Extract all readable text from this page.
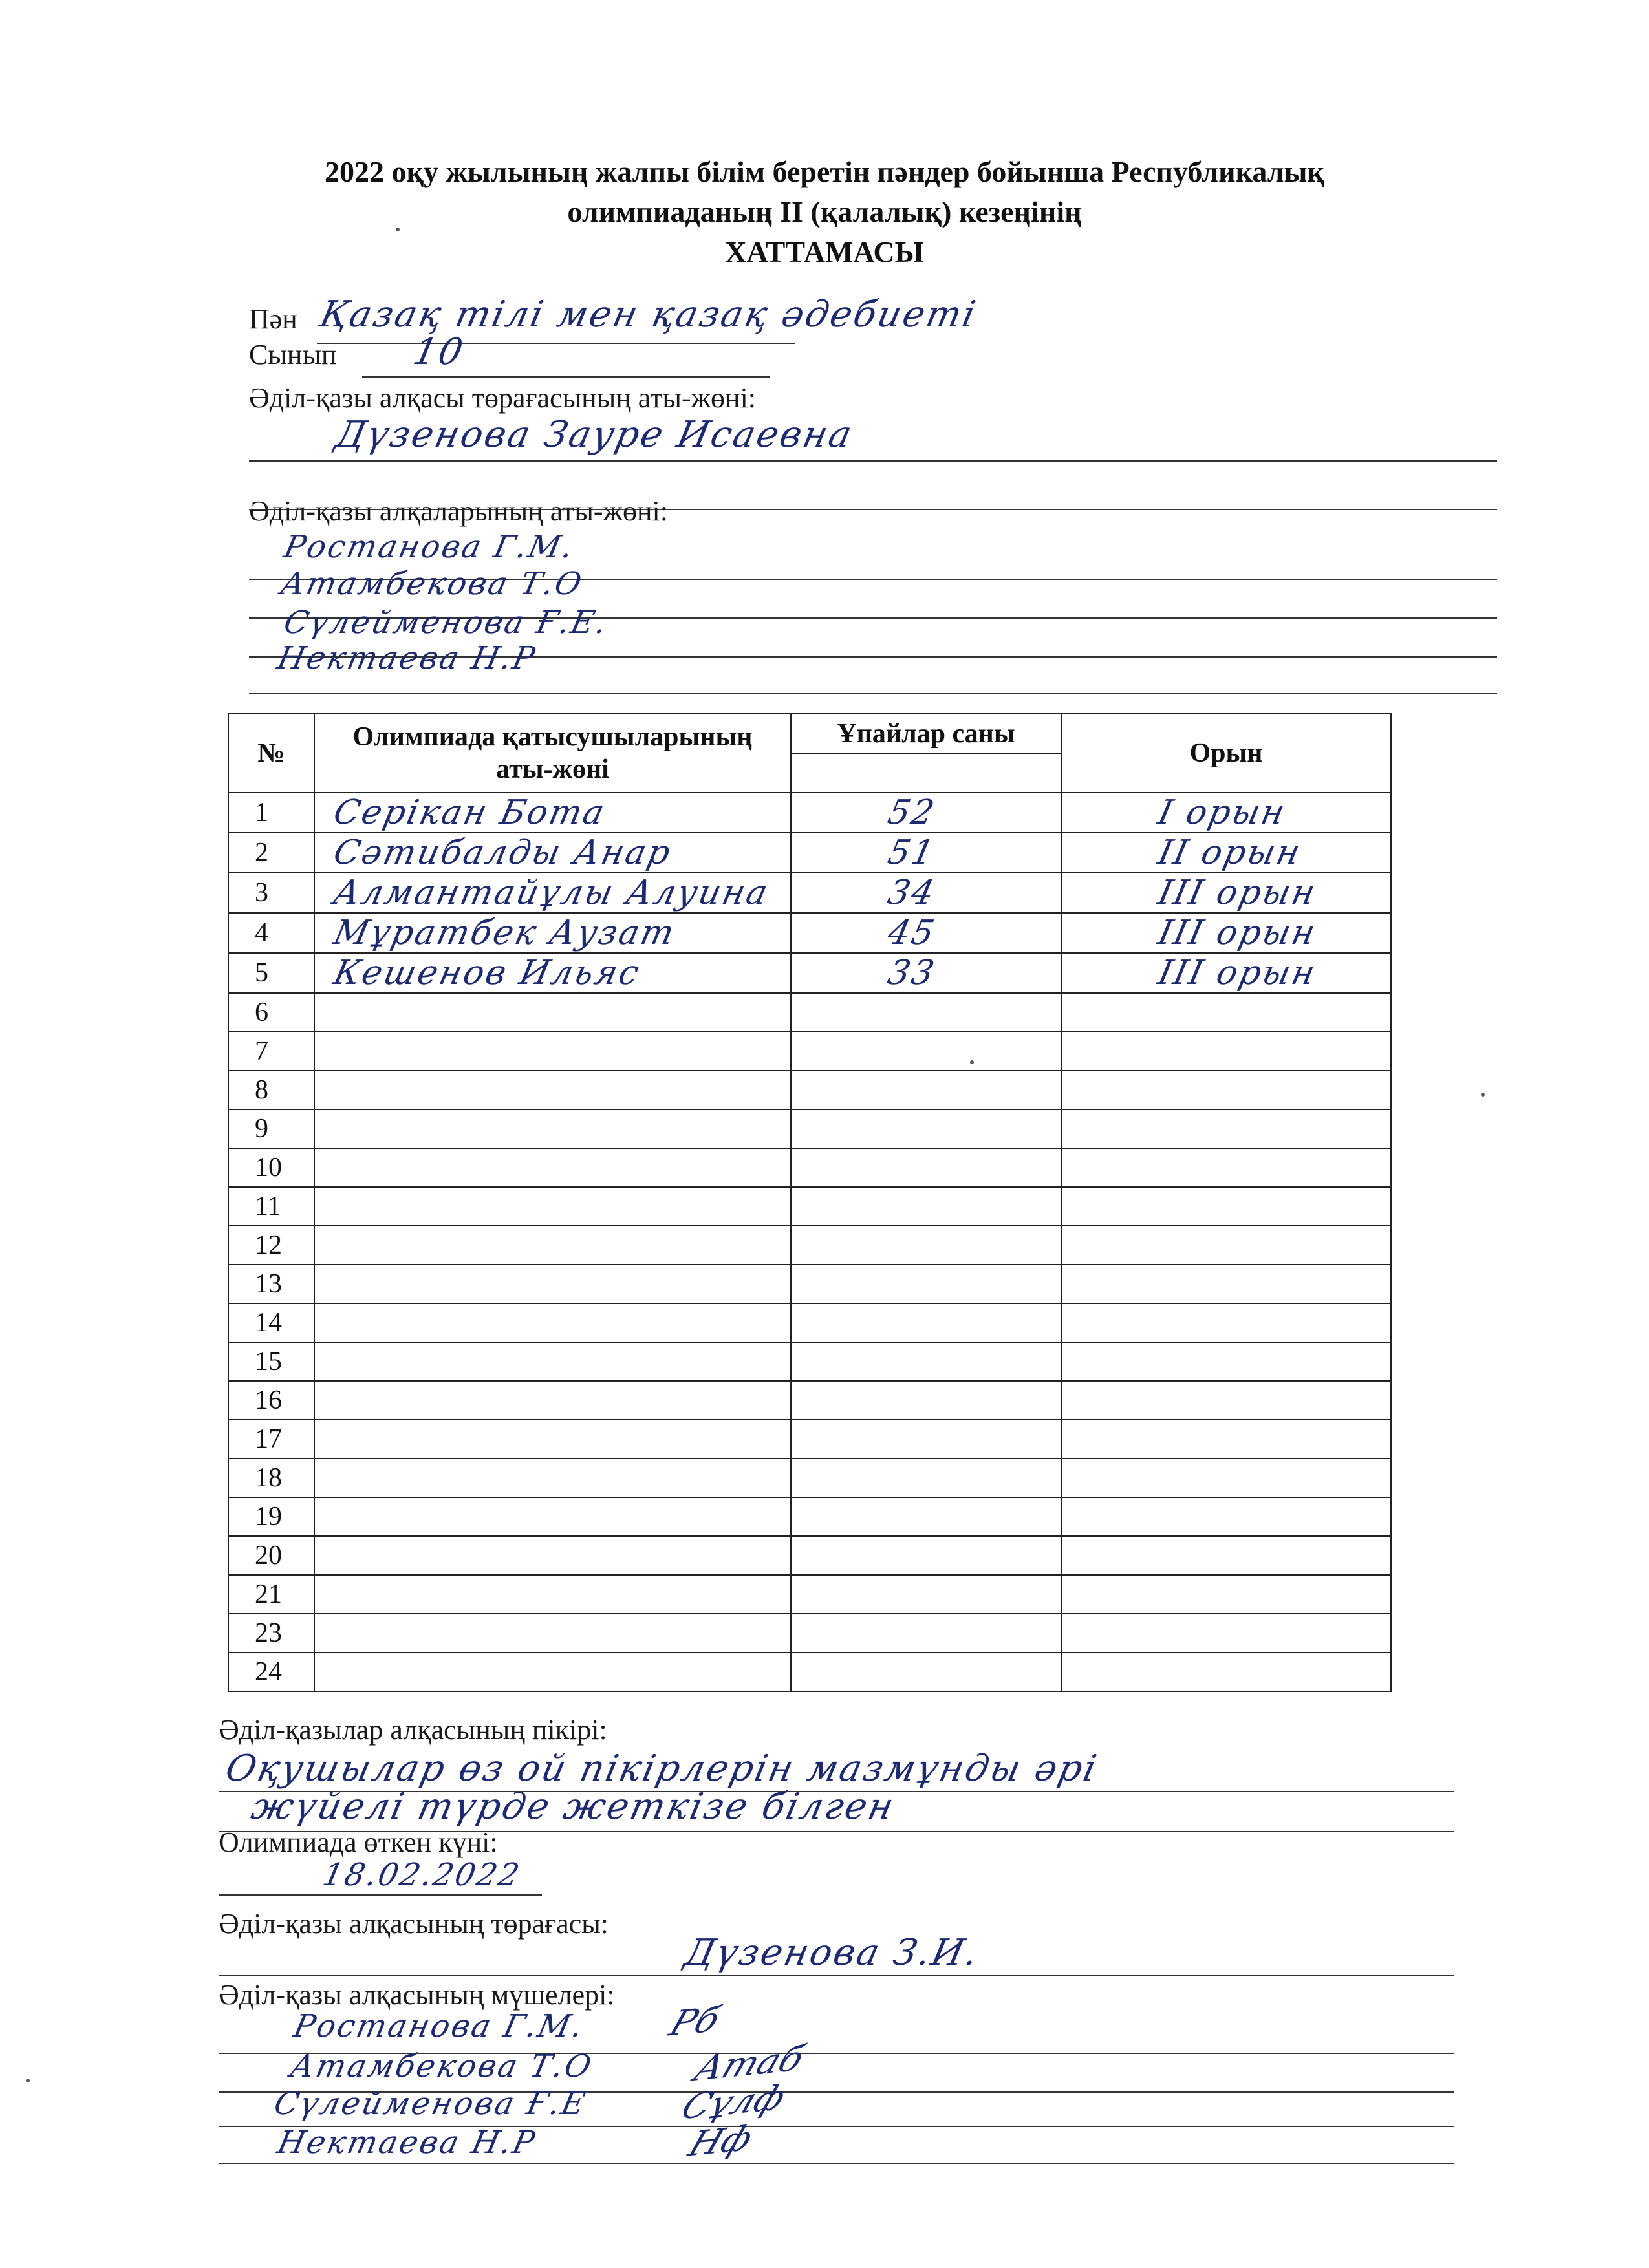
2022 оқу жылының жалпы білім беретін пәндер бойынша Республикалық
олимпиаданың ІІ (қалалық) кезеңінің
ХАТТАМАСЫ
Пән Қазақ тілі мен қазақ әдебиеті
Сынып 10
Әділ-қазы алқасы төрағасының аты-жөні:
Дүзенова Зауре Исаевна
Әділ-қазы алқаларының аты-жөні:
Ростанова Г.М.
Атамбекова Т.О
Сүлейменова Ғ.Е.
Нектаева Н.Р
№	Олимпиада қатысушыларының аты-жөні	Ұпайлар саны	Орын

1	Серікан Бота	52	I орын
2	Сәтибалды Анар	51	II орын
3	Алмантайұлы Алуина	34	III орын
4	Мұратбек Аузат	45	III орын
5	Кешенов Ильяс	33	III орын
6			
7			
8			
9			
10			
11			
12			
13			
14			
15			
16			
17			
18			
19			
20			
21			
23			
24			
Әділ-қазылар алқасының пікірі:
Оқушылар өз ой пікірлерін мазмұнды әрі
жүйелі түрде жеткізе білген
Олимпиада өткен күні:
18.02.2022
Әділ-қазы алқасының төрағасы:
Дүзенова З.И.
Әділ-қазы алқасының мүшелері:
Ростанова Г.М. Рб
Атамбекова Т.О	Атаб
Сүлейменова Ғ.Е Сұлф
Нектаева Н.Р	Нф
